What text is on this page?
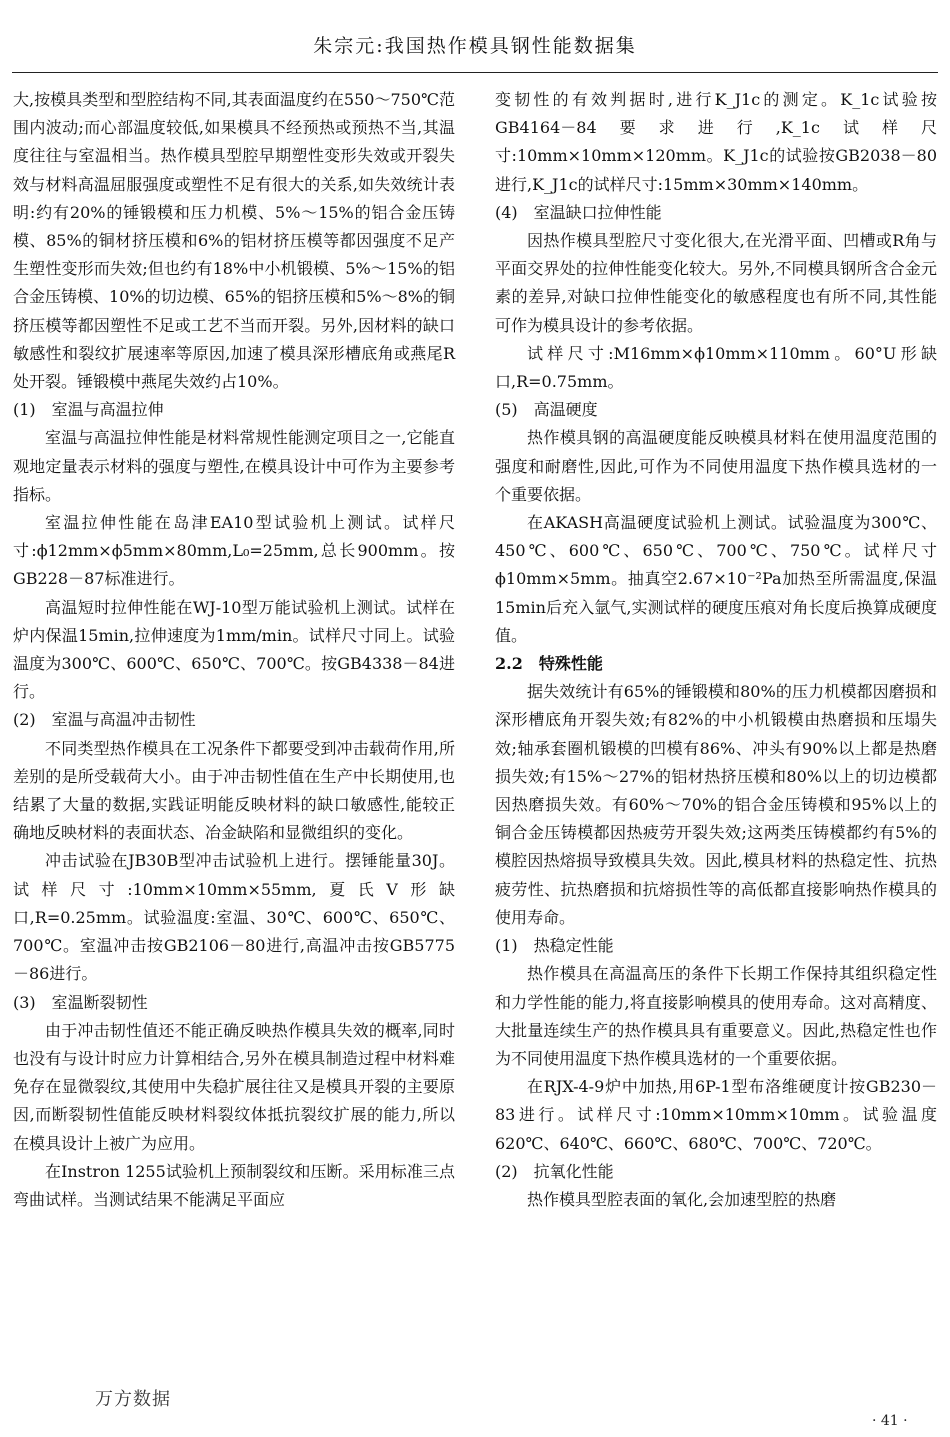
朱宗元:我国热作模具钢性能数据集

大,按模具类型和型腔结构不同,其表面温度约在550～750℃范围内波动;而心部温度较低,如果模具不经预热或预热不当,其温度往往与室温相当。热作模具型腔早期塑性变形失效或开裂失效与材料高温屈服强度或塑性不足有很大的关系,如失效统计表明:约有20%的锤锻模和压力机模、5%～15%的铝合金压铸模、85%的铜材挤压模和6%的铝材挤压模等都因强度不足产生塑性变形而失效;但也约有18%中小机锻模、5%～15%的铝合金压铸模、10%的切边模、65%的铝挤压模和5%～8%的铜挤压模等都因塑性不足或工艺不当而开裂。另外,因材料的缺口敏感性和裂纹扩展速率等原因,加速了模具深形槽底角或燕尾R处开裂。锤锻模中燕尾失效约占10%。

(1)　室温与高温拉伸

室温与高温拉伸性能是材料常规性能测定项目之一,它能直观地定量表示材料的强度与塑性,在模具设计中可作为主要参考指标。

室温拉伸性能在岛津EA10型试验机上测试。试样尺寸:ϕ12mm×ϕ5mm×80mm,L₀=25mm,总长900mm。按GB228－87标准进行。

高温短时拉伸性能在WJ-10型万能试验机上测试。试样在炉内保温15min,拉伸速度为1mm/min。试样尺寸同上。试验温度为300℃、600℃、650℃、700℃。按GB4338－84进行。

(2)　室温与高温冲击韧性

不同类型热作模具在工况条件下都要受到冲击载荷作用,所差别的是所受载荷大小。由于冲击韧性值在生产中长期使用,也结累了大量的数据,实践证明能反映材料的缺口敏感性,能较正确地反映材料的表面状态、冶金缺陷和显微组织的变化。

冲击试验在JB30B型冲击试验机上进行。摆锤能量30J。试样尺寸:10mm×10mm×55mm,夏氏V形缺口,R=0.25mm。试验温度:室温、30℃、600℃、650℃、700℃。室温冲击按GB2106－80进行,高温冲击按GB5775－86进行。

(3)　室温断裂韧性

由于冲击韧性值还不能正确反映热作模具失效的概率,同时也没有与设计时应力计算相结合,另外在模具制造过程中材料难免存在显微裂纹,其使用中失稳扩展往往又是模具开裂的主要原因,而断裂韧性值能反映材料裂纹体抵抗裂纹扩展的能力,所以在模具设计上被广为应用。

在Instron 1255试验机上预制裂纹和压断。采用标准三点弯曲试样。当测试结果不能满足平面应

变韧性的有效判据时,进行K_J1c的测定。K_1c试验按GB4164－84要求进行,K_1c试样尺寸:10mm×10mm×120mm。K_J1c的试验按GB2038－80进行,K_J1c的试样尺寸:15mm×30mm×140mm。

(4)　室温缺口拉伸性能

因热作模具型腔尺寸变化很大,在光滑平面、凹槽或R角与平面交界处的拉伸性能变化较大。另外,不同模具钢所含合金元素的差异,对缺口拉伸性能变化的敏感程度也有所不同,其性能可作为模具设计的参考依据。

试样尺寸:M16mm×ϕ10mm×110mm。60°U形缺口,R=0.75mm。

(5)　高温硬度

热作模具钢的高温硬度能反映模具材料在使用温度范围的强度和耐磨性,因此,可作为不同使用温度下热作模具选材的一个重要依据。

在AKASH高温硬度试验机上测试。试验温度为300℃、450℃、600℃、650℃、700℃、750℃。试样尺寸ϕ10mm×5mm。抽真空2.67×10⁻²Pa加热至所需温度,保温15min后充入氩气,实测试样的硬度压痕对角长度后换算成硬度值。

2.2　特殊性能

据失效统计有65%的锤锻模和80%的压力机模都因磨损和深形槽底角开裂失效;有82%的中小机锻模由热磨损和压塌失效;轴承套圈机锻模的凹模有86%、冲头有90%以上都是热磨损失效;有15%～27%的铝材热挤压模和80%以上的切边模都因热磨损失效。有60%～70%的铝合金压铸模和95%以上的铜合金压铸模都因热疲劳开裂失效;这两类压铸模都约有5%的模腔因热熔损导致模具失效。因此,模具材料的热稳定性、抗热疲劳性、抗热磨损和抗熔损性等的高低都直接影响热作模具的使用寿命。

(1)　热稳定性能

热作模具在高温高压的条件下长期工作保持其组织稳定性和力学性能的能力,将直接影响模具的使用寿命。这对高精度、大批量连续生产的热作模具具有重要意义。因此,热稳定性也作为不同使用温度下热作模具选材的一个重要依据。

在RJX-4-9炉中加热,用6P-1型布洛维硬度计按GB230－83进行。试样尺寸:10mm×10mm×10mm。试验温度620℃、640℃、660℃、680℃、700℃、720℃。

(2)　抗氧化性能

热作模具型腔表面的氧化,会加速型腔的热磨

万方数据
· 41 ·
